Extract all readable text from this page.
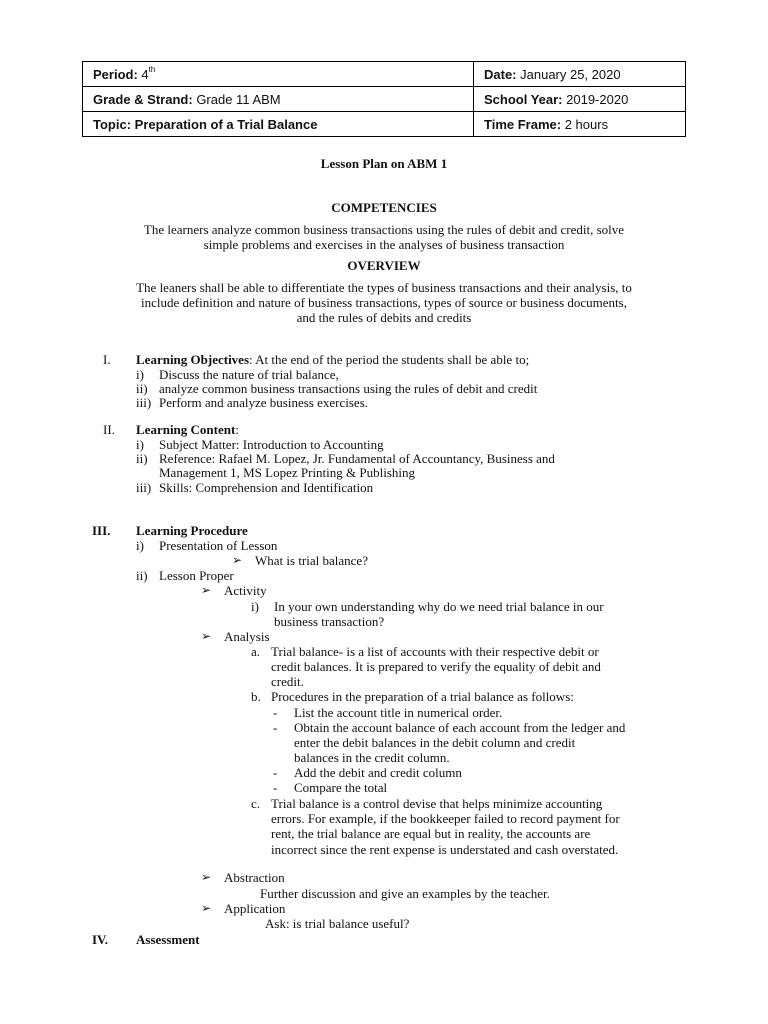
Period: 4th	Date: January 25, 2020
Grade & Strand: Grade 11 ABM	School Year: 2019-2020
Topic: Preparation of a Trial Balance	Time Frame: 2 hours
Lesson Plan on ABM 1
COMPETENCIES
The learners analyze common business transactions using the rules of debit and credit, solve
simple problems and exercises in the analyses of business transaction
OVERVIEW
The leaners shall be able to differentiate the types of business transactions and their analysis, to
include definition and nature of business transactions, types of source or business documents,
and the rules of debits and credits
I. Learning Objectives: At the end of the period the students shall be able to;
i) Discuss the nature of trial balance,
ii) analyze common business transactions using the rules of debit and credit
iii) Perform and analyze business exercises.
II. Learning Content:
i) Subject Matter: Introduction to Accounting
ii) Reference: Rafael M. Lopez, Jr. Fundamental of Accountancy, Business and
Management 1, MS Lopez Printing & Publishing
iii) Skills: Comprehension and Identification
III. Learning Procedure
i) Presentation of Lesson
➢ What is trial balance?
ii) Lesson Proper
➢ Activity
i) In your own understanding why do we need trial balance in our
business transaction?
➢ Analysis
a. Trial balance- is a list of accounts with their respective debit or
credit balances. It is prepared to verify the equality of debit and
credit.
b. Procedures in the preparation of a trial balance as follows:
- List the account title in numerical order.
- Obtain the account balance of each account from the ledger and
enter the debit balances in the debit column and credit
balances in the credit column.
- Add the debit and credit column
- Compare the total
c. Trial balance is a control devise that helps minimize accounting
errors. For example, if the bookkeeper failed to record payment for
rent, the trial balance are equal but in reality, the accounts are
incorrect since the rent expense is understated and cash overstated.
➢ Abstraction
Further discussion and give an examples by the teacher.
➢ Application
Ask: is trial balance useful?
IV. Assessment
